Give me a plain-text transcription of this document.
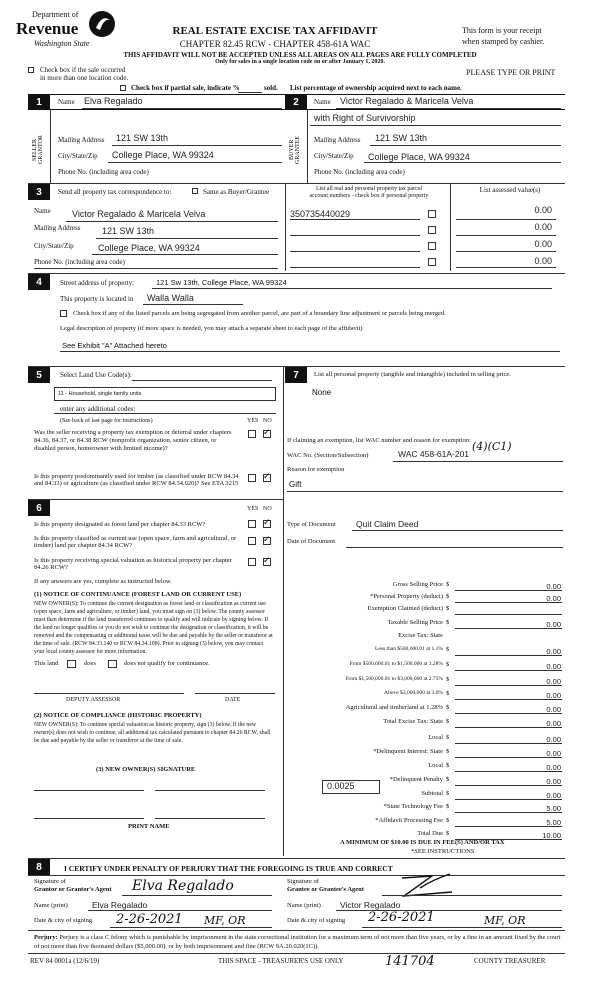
Department of
Revenue
Washington State
REAL ESTATE EXCISE TAX AFFIDAVIT
CHAPTER 82.45 RCW - CHAPTER 458-61A WAC
This form is your receipt
when stamped by cashier.
THIS AFFIDAVIT WILL NOT BE ACCEPTED UNLESS ALL AREAS ON ALL PAGES ARE FULLY COMPLETED
Only for sales in a single location code on or after January 1, 2020.
Check box if the sale occurred
in more than one location code.
PLEASE TYPE OR PRINT
Check box if partial sale, indicate %	sold. List percentage of ownership acquired next to each name.
1	Name Elva Regalado
SELLER GRANTOR Mailing Address 121 SW 13th
City/State/Zip College Place, WA 99324
Phone No. (including area code)
2	Name Victor Regalado & Maricela Velva
with Right of Survivorship
BUYER GRANTEE Mailing Address 121 SW 13th
City/State/Zip College Place, WA 99324
Phone No. (including area code)
3	Send all property tax correspondence to:	Same as Buyer/Grantee	List all real and personal property tax parcel
account numbers - check box if personal property
List assessed value(s)
Name Victor Regalado & Maricela Velva
Mailing Address 121 SW 13th
City/State/Zip	College Place, WA 99324
Phone No. (including area code)
350735440029	0.00
0.00
0.00
0.00
4	Street address of property:	121 Sw 13th, College Place, WA 99324
This property is located in Walla Walla
Check box if any of the listed parcels are being segregated from another parcel, are part of a boundary line adjustment or parcels being merged.
Legal description of property (if more space is needed, you may attach a separate sheet to each page of the affidavit)
See Exhibit "A" Attached hereto
5	Select Land Use Code(s):
11 - Household, single family units
enter any additional codes:
(See back of last page for instructions)	YES NO
Was the seller receiving a property tax exemption or deferral under chapters 84.36, 84.37, or 84.38 RCW (nonprofit organization, senior citizen, or disabled person, homeowner with limited income)?
✓
Is this property predominantly used for timber (as classified under RCW 84.34 and 84.33) or agriculture (as classified under RCW 84.34.020)? See ETA 3215
✓
6	YES NO
Is this property designated as forest land per chapter 84.33 RCW?	✓
Is this property classified as current use (open space, farm and agricultural, or timber) land per chapter 84.34 RCW?
✓
Is this property receiving special valuation as historical property per chapter 84.26 RCW?
✓
If any answers are yes, complete as instructed below.
(1) NOTICE OF CONTINUANCE (FOREST LAND OR CURRENT USE)
NEW OWNER(S): To continue the current designation as forest land or classification as current use (open space, farm and agriculture, or timber) land, you must sign on (3) below. The county assessor must then determine if the land transferred continues to qualify and will indicate by signing below. If the land no longer qualifies or you do not wish to continue the designation or classification, it will be removed and the compensating or additional taxes will be due and payable by the seller or transferor at the time of sale. (RCW 84.33.140 or RCW 84.34.108). Prior to signing (3) below, you may contact your local county assessor for more information.
This land	does	does not qualify for continuance.
DEPUTY ASSESSOR	DATE
(2) NOTICE OF COMPLIANCE (HISTORIC PROPERTY)
NEW OWNER(S): To continue special valuation as historic property, sign (3) below. If the new owner(s) does not wish to continue, all additional tax calculated pursuant to chapter 84.26 RCW, shall be due and payable by the seller or transferor at the time of sale.
(3) NEW OWNER(S) SIGNATURE
PRINT NAME
7	List all personal property (tangible and intangible) included in selling price.
None
If claiming an exemption, list WAC number and reason for exemption:
WAC No. (Section/Subsection)	WAC 458-61A-201
(4)(C1)
Reason for exemption
Gift
Type of Document Quit Claim Deed
Date of Document
Gross Selling Price $	0.00
*Personal Property (deduct) $	0.00
Exemption Claimed (deduct) $
Taxable Selling Price $	0.00
Excise Tax: State
Less than $500,000.01 at 1.1% $	0.00
From $500,000.01 to $1,500,000 at 1.28% $	0.00
From $1,500,000.01 to $3,000,000 at 2.75% $	0.00
Above $3,000,000 at 3.0% $	0.00
Agricultural and timberland at 1.28% $	0.00
Total Excise Tax: State $	0.00
Local $	0.00
*Delinquent Interest: State $	0.00
Local $	0.00
*Delinquent Penalty $	0.00
Subtotal $	0.00
*State Technology Fee $	5.00
*Affidavit Processing Fee $	5.00
Total Due $	10.00
0.0025
A MINIMUM OF $10.00 IS DUE IN FEE(S) AND/OR TAX
*SEE INSTRUCTIONS
8	I CERTIFY UNDER PENALTY OF PERJURY THAT THE FOREGOING IS TRUE AND CORRECT
Signature of
Grantor or Grantor's Agent Elva Regalado	Signature of
Grantee or Grantee's Agent
Name (print)	Elva Regalado	Name (print) Victor Regalado
Date & city of signing 2-26-2021 MF, OR	Date & city of signing 2-26-2021	MF, OR
Perjury: Perjury is a class C felony which is punishable by imprisonment in the state correctional institution for a maximum term of not more than five years, or by a fine in an amount fixed by the court of not more than five thousand dollars ($5,000.00), or by both imprisonment and fine (RCW 9A.20.020(1C)).
REV 84 0001a (12/6/19)	THIS SPACE - TREASURER'S USE ONLY	141704	COUNTY TREASURER
